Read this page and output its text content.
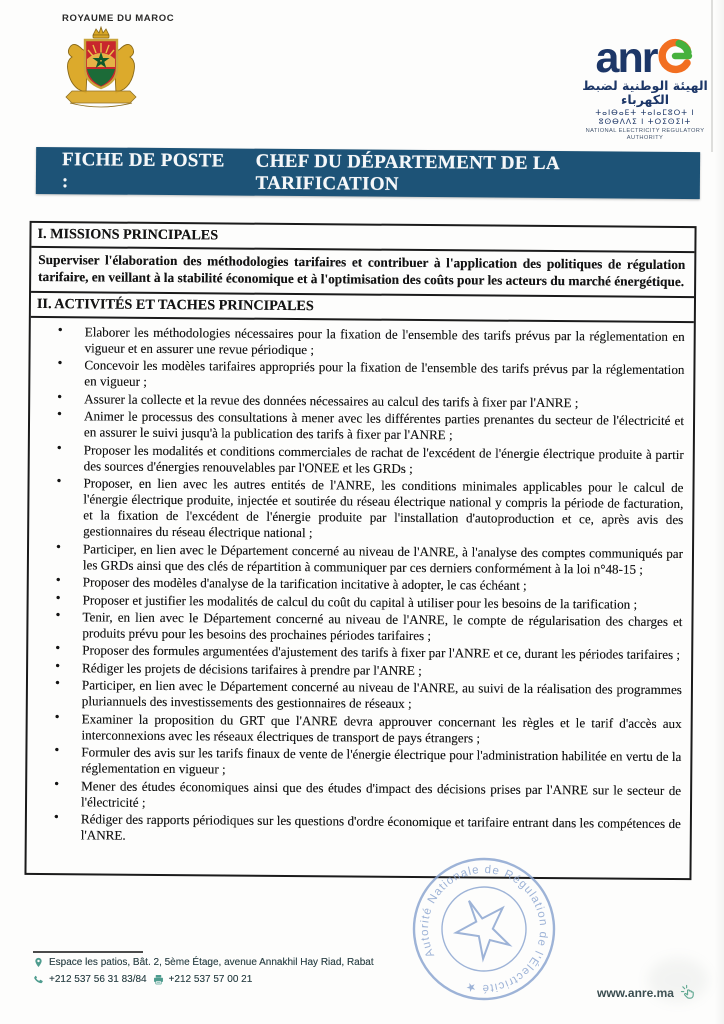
ROYAUME DU MAROC
anr
الهيئة الوطنية لضبط الكهرباء
ⵜⴰⵏⴱⴰⴹⵜ ⵜⴰⵏⴰⵎⵓⵔⵜ ⵏ ⵓⵙⴱⴷⴷⵉ ⵏ ⵜⵔⵉⵙⵉⵏⵜ
NATIONAL ELECTRICITY REGULATORY AUTHORITY
FICHE DE POSTE :
CHEF DU DÉPARTEMENT DE LA TARIFICATION
I. MISSIONS PRINCIPALES
Superviser l'élaboration des méthodologies tarifaires et contribuer à l'application des politiques de régulation tarifaire, en veillant à la stabilité économique et à l'optimisation des coûts pour les acteurs du marché énergétique.
II. ACTIVITÉS ET TACHES PRINCIPALES
• Elaborer les méthodologies nécessaires pour la fixation de l'ensemble des tarifs prévus par la réglementation en vigueur et en assurer une revue périodique ;
• Concevoir les modèles tarifaires appropriés pour la fixation de l'ensemble des tarifs prévus par la réglementation en vigueur ;
• Assurer la collecte et la revue des données nécessaires au calcul des tarifs à fixer par l'ANRE ;
• Animer le processus des consultations à mener avec les différentes parties prenantes du secteur de l'électricité et en assurer le suivi jusqu'à la publication des tarifs à fixer par l'ANRE ;
• Proposer les modalités et conditions commerciales de rachat de l'excédent de l'énergie électrique produite à partir des sources d'énergies renouvelables par l'ONEE et les GRDs ;
• Proposer, en lien avec les autres entités de l'ANRE, les conditions minimales applicables pour le calcul de l'énergie électrique produite, injectée et soutirée du réseau électrique national y compris la période de facturation, et la fixation de l'excédent de l'énergie produite par l'installation d'autoproduction et ce, après avis des gestionnaires du réseau électrique national ;
• Participer, en lien avec le Département concerné au niveau de l'ANRE, à l'analyse des comptes communiqués par les GRDs ainsi que des clés de répartition à communiquer par ces derniers conformément à la loi n°48-15 ;
• Proposer des modèles d'analyse de la tarification incitative à adopter, le cas échéant ;
• Proposer et justifier les modalités de calcul du coût du capital à utiliser pour les besoins de la tarification ;
• Tenir, en lien avec le Département concerné au niveau de l'ANRE, le compte de régularisation des charges et produits prévu pour les besoins des prochaines périodes tarifaires ;
• Proposer des formules argumentées d'ajustement des tarifs à fixer par l'ANRE et ce, durant les périodes tarifaires ;
• Rédiger les projets de décisions tarifaires à prendre par l'ANRE ;
• Participer, en lien avec le Département concerné au niveau de l'ANRE, au suivi de la réalisation des programmes pluriannuels des investissements des gestionnaires de réseaux ;
• Examiner la proposition du GRT que l'ANRE devra approuver concernant les règles et le tarif d'accès aux interconnexions avec les réseaux électriques de transport de pays étrangers ;
• Formuler des avis sur les tarifs finaux de vente de l'énergie électrique pour l'administration habilitée en vertu de la réglementation en vigueur ;
• Mener des études économiques ainsi que des études d'impact des décisions prises par l'ANRE sur le secteur de l'électricité ;
• Rédiger des rapports périodiques sur les questions d'ordre économique et tarifaire entrant dans les compétences de l'ANRE.
Autorité Nationale de Régulation de l'Électricité ★
Espace les patios, Bât. 2, 5ème Étage, avenue Annakhil Hay Riad, Rabat
+212 537 56 31 83/84 +212 537 57 00 21
www.anre.ma
